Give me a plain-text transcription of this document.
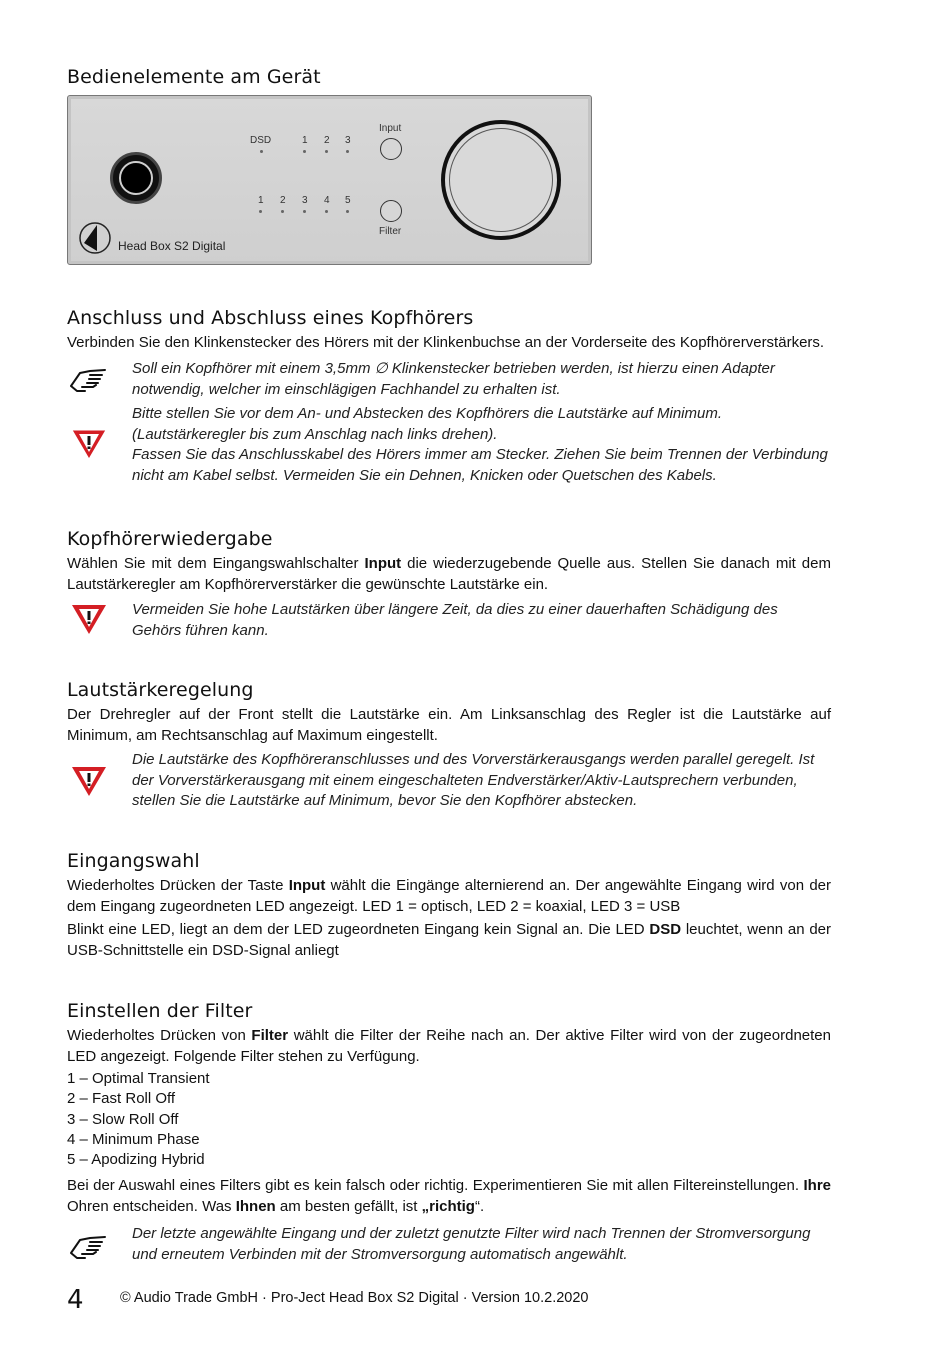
Bedienelemente am Gerät
Head Box S2 Digital
DSD	1 2 3
1 2 3 4 5
Input
Filter
Anschluss und Abschluss eines Kopfhörers

Verbinden Sie den Klinkenstecker des Hörers mit der Klinkenbuchse an der Vorderseite des Kopfhörerverstärkers.

Soll ein Kopfhörer mit einem 3,5mm ∅ Klinkenstecker betrieben werden, ist hierzu einen Adapter
notwendig, welcher im einschlägigen Fachhandel zu erhalten ist.
Bitte stellen Sie vor dem An- und Abstecken des Kopfhörers die Lautstärke auf Minimum.
(Lautstärkeregler bis zum Anschlag nach links drehen).
Fassen Sie das Anschlusskabel des Hörers immer am Stecker. Ziehen Sie beim Trennen der Verbindung
nicht am Kabel selbst. Vermeiden Sie ein Dehnen, Knicken oder Quetschen des Kabels.
Kopfhörerwiedergabe

Wählen Sie mit dem Eingangswahlschalter Input die wiederzugebende Quelle aus. Stellen Sie danach mit dem Lautstärkeregler am Kopfhörerverstärker die gewünschte Lautstärke ein.

Vermeiden Sie hohe Lautstärken über längere Zeit, da dies zu einer dauerhaften Schädigung des
Gehörs führen kann.
Lautstärkeregelung

Der Drehregler auf der Front stellt die Lautstärke ein. Am Linksanschlag des Regler ist die Lautstärke auf Minimum, am Rechtsanschlag auf Maximum eingestellt.

Die Lautstärke des Kopfhöreranschlusses und des Vorverstärkerausgangs werden parallel geregelt. Ist
der Vorverstärkerausgang mit einem eingeschalteten Endverstärker/Aktiv-Lautsprechern verbunden,
stellen Sie die Lautstärke auf Minimum, bevor Sie den Kopfhörer abstecken.
Eingangswahl

Wiederholtes Drücken der Taste Input wählt die Eingänge alternierend an. Der angewählte Eingang wird von der dem Eingang zugeordneten LED angezeigt. LED 1 = optisch, LED 2 = koaxial, LED 3 = USB

Blinkt eine LED, liegt an dem der LED zugeordneten Eingang kein Signal an. Die LED DSD leuchtet, wenn an der USB-Schnittstelle ein DSD-Signal anliegt

Einstellen der Filter

Wiederholtes Drücken von Filter wählt die Filter der Reihe nach an. Der aktive Filter wird von der zugeordneten LED angezeigt. Folgende Filter stehen zu Verfügung.

1 – Optimal Transient
2 – Fast Roll Off
3 – Slow Roll Off
4 – Minimum Phase
5 – Apodizing Hybrid

Bei der Auswahl eines Filters gibt es kein falsch oder richtig. Experimentieren Sie mit allen Filtereinstellungen. Ihre Ohren entscheiden. Was Ihnen am besten gefällt, ist „richtig“.

Der letzte angewählte Eingang und der zuletzt genutzte Filter wird nach Trennen der Stromversorgung
und erneutem Verbinden mit der Stromversorgung automatisch angewählt.
4	© Audio Trade GmbH · Pro-Ject Head Box S2 Digital · Version 10.2.2020
